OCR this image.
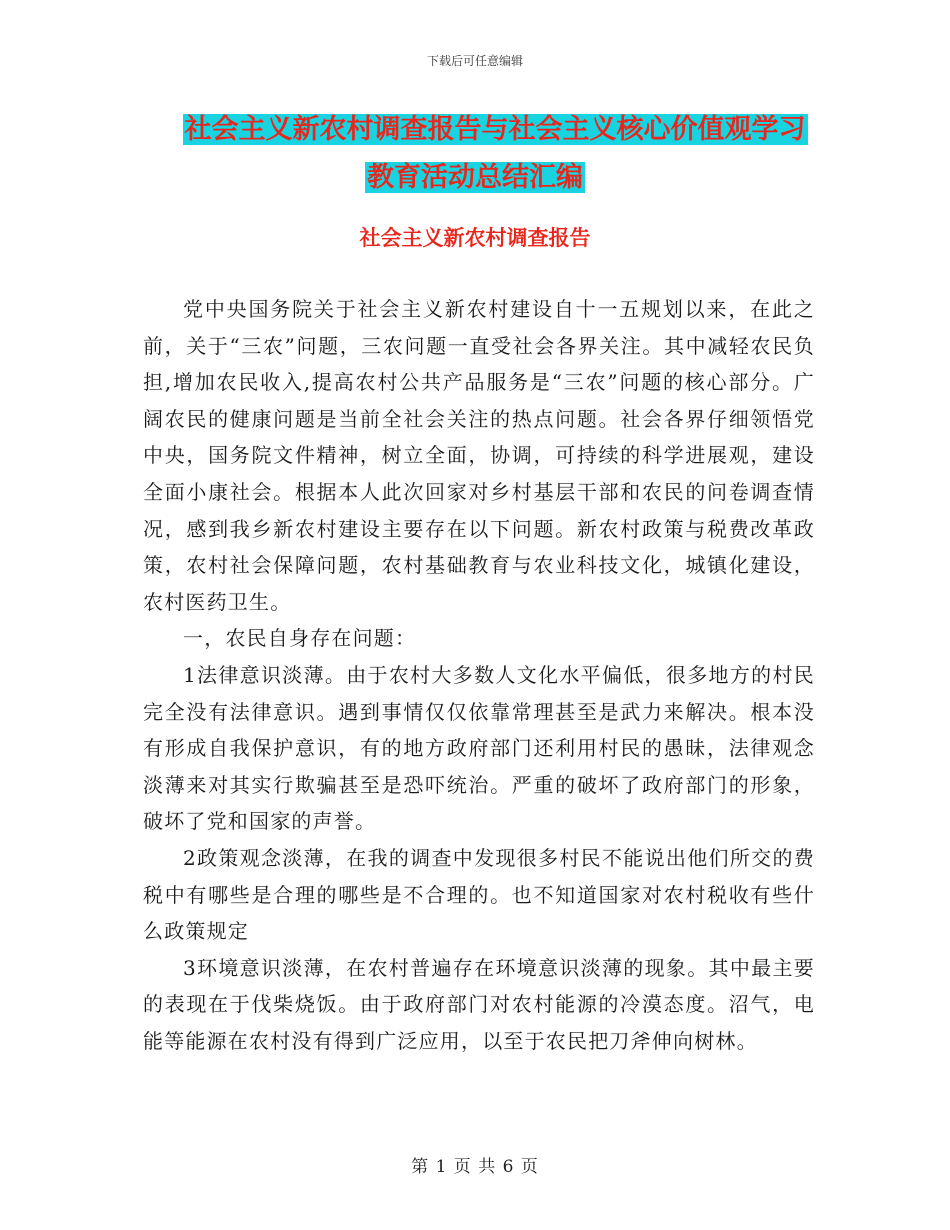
下载后可任意编辑
社会主义新农村调查报告与社会主义核心价值观学习
教育活动总结汇编
社会主义新农村调查报告

党中央国务院关于社会主义新农村建设自十一五规划以来，在此之前，关于“三农”问题，三农问题一直受社会各界关注。其中减轻农民负担,增加农民收入,提高农村公共产品服务是“三农”问题的核心部分。广阔农民的健康问题是当前全社会关注的热点问题。社会各界仔细领悟党中央，国务院文件精神，树立全面，协调，可持续的科学进展观，建设全面小康社会。根据本人此次回家对乡村基层干部和农民的问卷调查情况，感到我乡新农村建设主要存在以下问题。新农村政策与税费改革政策，农村社会保障问题，农村基础教育与农业科技文化，城镇化建设，农村医药卫生。

一，农民自身存在问题：

1法律意识淡薄。由于农村大多数人文化水平偏低，很多地方的村民完全没有法律意识。遇到事情仅仅依靠常理甚至是武力来解决。根本没有形成自我保护意识，有的地方政府部门还利用村民的愚昧，法律观念淡薄来对其实行欺骗甚至是恐吓统治。严重的破坏了政府部门的形象，破坏了党和国家的声誉。

2政策观念淡薄，在我的调查中发现很多村民不能说出他们所交的费税中有哪些是合理的哪些是不合理的。也不知道国家对农村税收有些什么政策规定

3环境意识淡薄，在农村普遍存在环境意识淡薄的现象。其中最主要的表现在于伐柴烧饭。由于政府部门对农村能源的冷漠态度。沼气，电能等能源在农村没有得到广泛应用，以至于农民把刀斧伸向树林。

第 1 页 共 6 页
